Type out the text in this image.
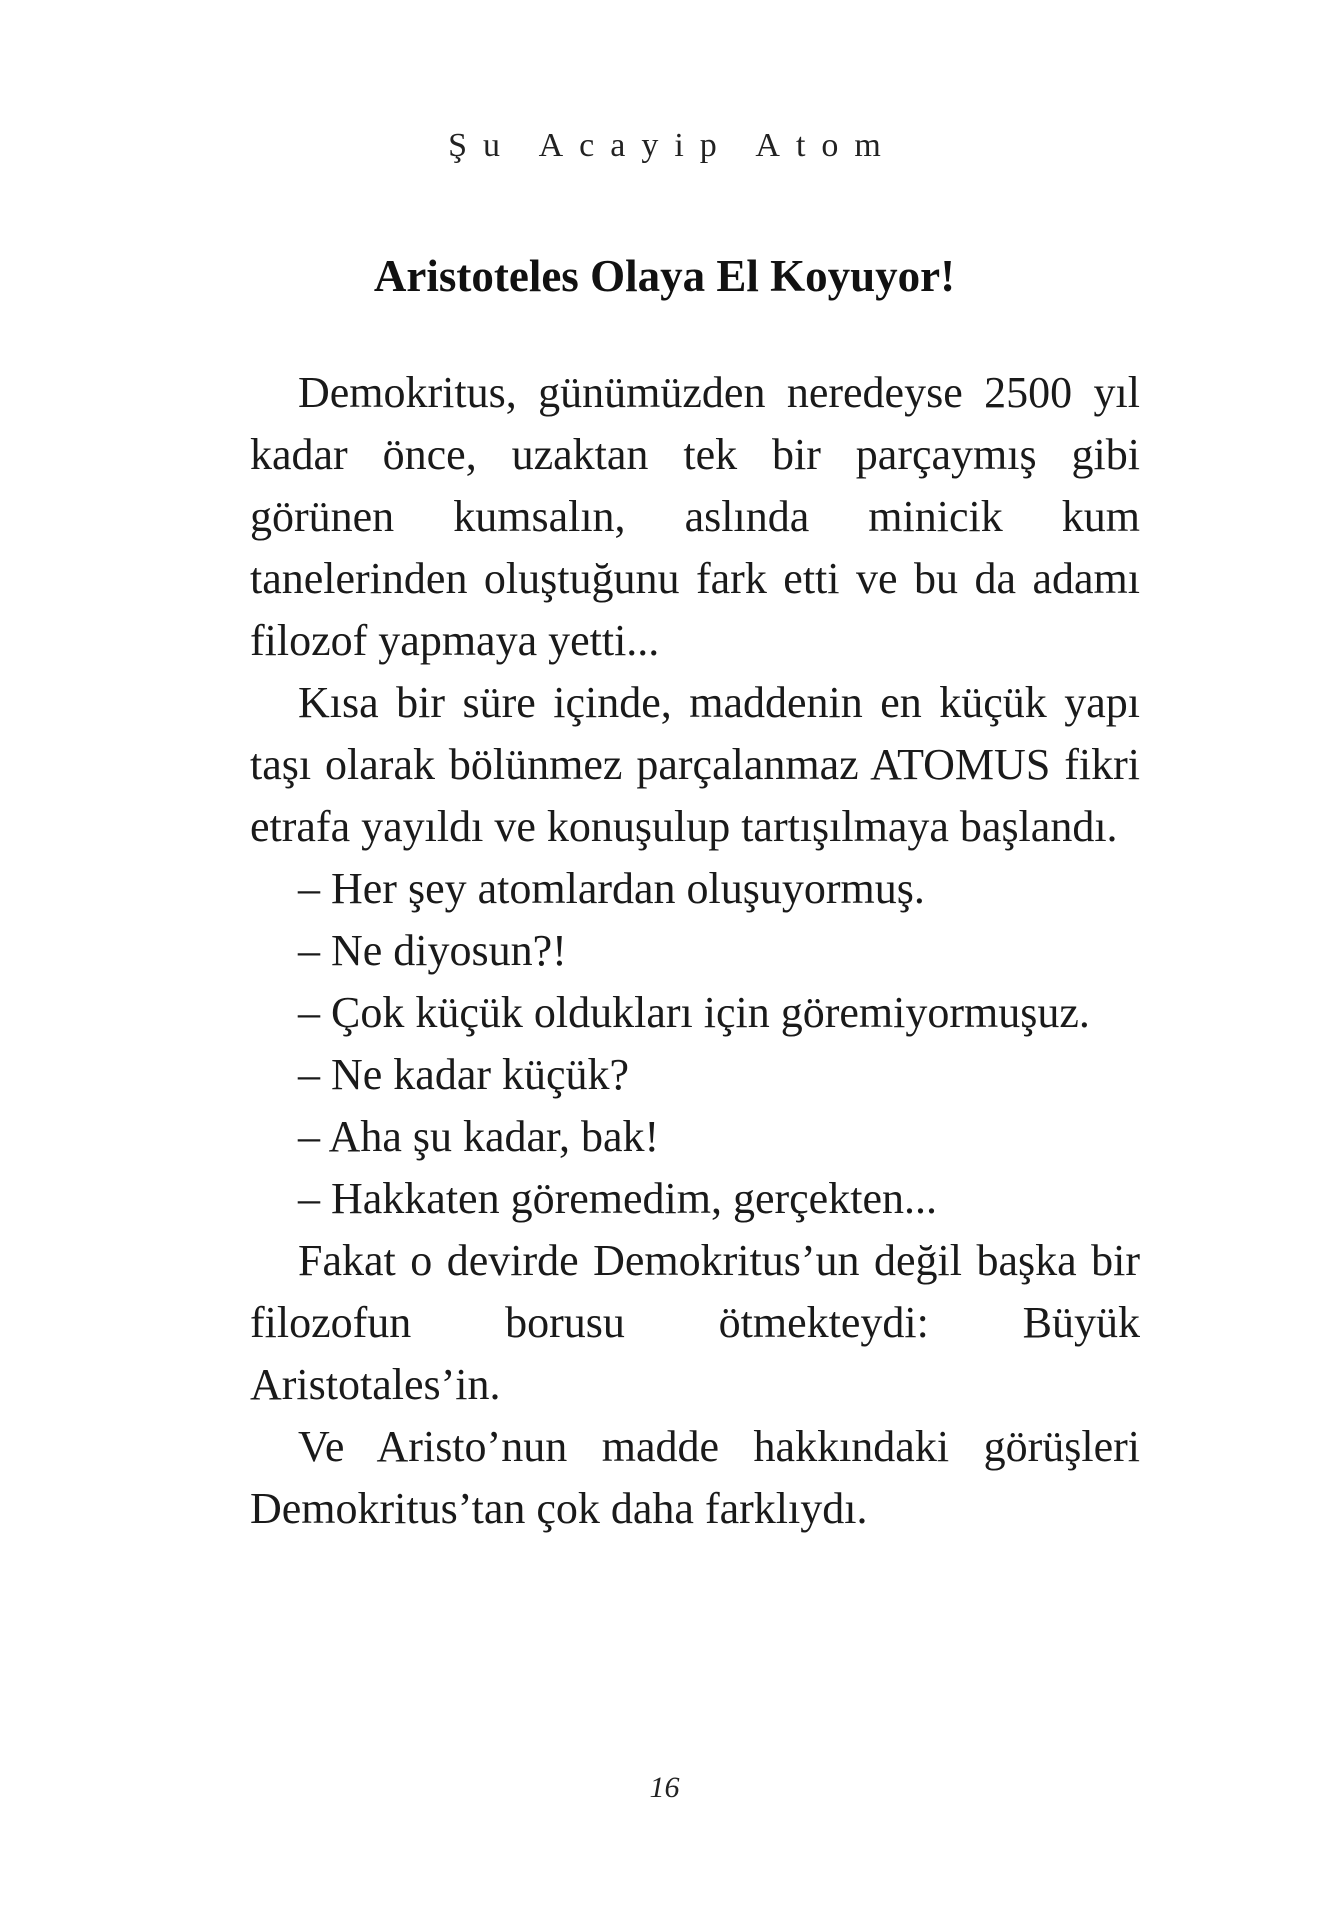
Şu Acayip Atom
Aristoteles Olaya El Koyuyor!

Demokritus, günümüzden neredeyse 2500 yıl kadar önce, uzaktan tek bir parçaymış gibi görünen kumsalın, aslında minicik kum tanelerinden oluştuğunu fark etti ve bu da adamı filozof yapmaya yetti...

Kısa bir süre içinde, maddenin en küçük yapı taşı olarak bölünmez parçalanmaz ATOMUS fikri etrafa yayıldı ve konuşulup tartışılmaya başlandı.

– Her şey atomlardan oluşuyormuş.

– Ne diyosun?!

– Çok küçük oldukları için göremiyormuşuz.

– Ne kadar küçük?

– Aha şu kadar, bak!

– Hakkaten göremedim, gerçekten...

Fakat o devirde Demokritus’un değil başka bir filozofun borusu ötmekteydi: Büyük Aristotales’in.

Ve Aristo’nun madde hakkındaki görüşleri Demokritus’tan çok daha farklıydı.

16
